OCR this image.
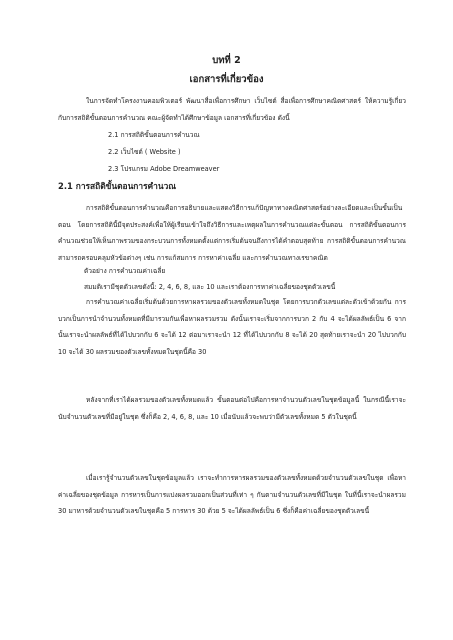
บทที่ 2
เอกสารที่เกี่ยวข้อง
ในการจัดทำโครงงานคอมพิวเตอร์ พัฒนาสื่อเพื่อการศึกษา เว็บไซต์ สื่อเพื่อการศึกษาคณิตศาสตร์ ให้ความรู้เกี่ยวกับการสถิติขั้นตอนการคำนวณ คณะผู้จัดทำได้ศึกษาข้อมูล เอกสารที่เกี่ยวข้อง ดังนี้
2.1 การสถิติขั้นตอนการคำนวณ
2.2 เว็บไซต์ ( Website )
2.3 โปรแกรม Adobe Dreamweaver
2.1 การสถิติขั้นตอนการคำนวณ
การสถิติขั้นตอนการคำนวณคือการอธิบายและแสดงวิธีการแก้ปัญหาทางคณิตศาสตร์อย่างละเอียดและเป็นขั้นเป็นตอน โดยการสถิตินี้มีจุดประสงค์เพื่อให้ผู้เรียนเข้าใจถึงวิธีการและเหตุผลในการคำนวณแต่ละขั้นตอน การสถิติขั้นตอนการคำนวณช่วยให้เห็นภาพรวมของกระบวนการทั้งหมดตั้งแต่การเริ่มต้นจนถึงการได้คำตอบสุดท้าย การสถิติขั้นตอนการคำนวณสามารถครอบคลุมหัวข้อต่างๆ เช่น การแก้สมการ การหาค่าเฉลี่ย และการคำนวณทางเรขาคณิต
ตัวอย่าง การคำนวณค่าเฉลี่ย
สมมติเรามีชุดตัวเลขดังนี้: 2, 4, 6, 8, และ 10 และเราต้องการหาค่าเฉลี่ยของชุดตัวเลขนี้
การคำนวณค่าเฉลี่ยเริ่มต้นด้วยการหาผลรวมของตัวเลขทั้งหมดในชุด โดยการบวกตัวเลขแต่ละตัวเข้าด้วยกัน การบวกเป็นการนำจำนวนทั้งหมดที่มีมารวมกันเพื่อหาผลรวมรวม ดังนั้นเราจะเริ่มจากการบวก 2 กับ 4 จะได้ผลลัพธ์เป็น 6 จากนั้นเราจะนำผลลัพธ์ที่ได้ไปบวกกับ 6 จะได้ 12 ต่อมาเราจะนำ 12 ที่ได้ไปบวกกับ 8 จะได้ 20 สุดท้ายเราจะนำ 20 ไปบวกกับ 10 จะได้ 30 ผลรวมของตัวเลขทั้งหมดในชุดนี้คือ 30
หลังจากที่เราได้ผลรวมของตัวเลขทั้งหมดแล้ว ขั้นตอนต่อไปคือการหาจำนวนตัวเลขในชุดข้อมูลนี้ ในกรณีนี้เราจะนับจำนวนตัวเลขที่มีอยู่ในชุด ซึ่งก็คือ 2, 4, 6, 8, และ 10 เมื่อนับแล้วจะพบว่ามีตัวเลขทั้งหมด 5 ตัวในชุดนี้
เมื่อเรารู้จำนวนตัวเลขในชุดข้อมูลแล้ว เราจะทำการหารผลรวมของตัวเลขทั้งหมดด้วยจำนวนตัวเลขในชุด เพื่อหาค่าเฉลี่ยของชุดข้อมูล การหารเป็นการแบ่งผลรวมออกเป็นส่วนที่เท่า ๆ กันตามจำนวนตัวเลขที่มีในชุด ในที่นี้เราจะนำผลรวม 30 มาหารด้วยจำนวนตัวเลขในชุดคือ 5 การหาร 30 ด้วย 5 จะได้ผลลัพธ์เป็น 6 ซึ่งก็คือค่าเฉลี่ยของชุดตัวเลขนี้
